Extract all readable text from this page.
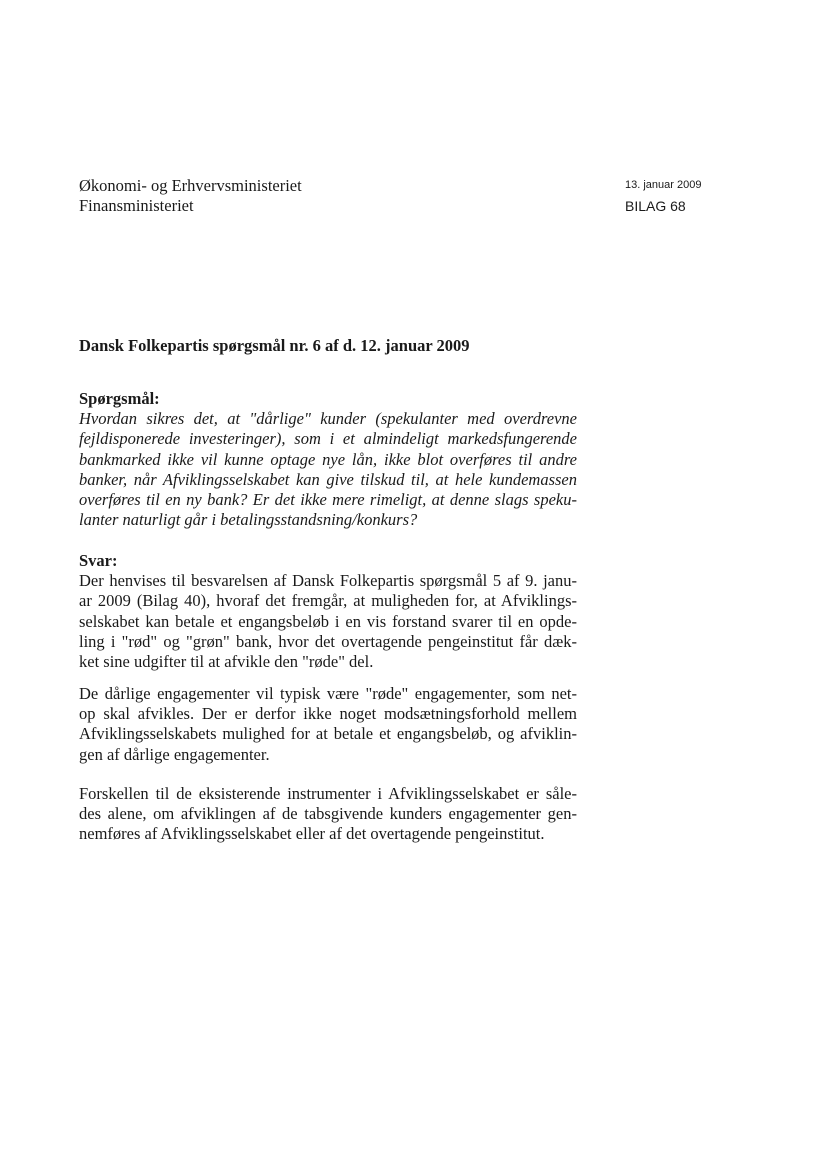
Økonomi- og Erhvervsministeriet
Finansministeriet
13. januar 2009
BILAG 68
Dansk Folkepartis spørgsmål nr. 6 af d. 12. januar 2009
Spørgsmål:
Hvordan sikres det, at "dårlige" kunder (spekulanter med overdrevne
fejldisponerede investeringer), som i et almindeligt markedsfungerende
bankmarked ikke vil kunne optage nye lån, ikke blot overføres til andre
banker, når Afviklingsselskabet kan give tilskud til, at hele kundemassen
overføres til en ny bank? Er det ikke mere rimeligt, at denne slags speku-
lanter naturligt går i betalingsstandsning/konkurs?
Svar:
Der henvises til besvarelsen af Dansk Folkepartis spørgsmål 5 af 9. janu-
ar 2009 (Bilag 40), hvoraf det fremgår, at muligheden for, at Afviklings-
selskabet kan betale et engangsbeløb i en vis forstand svarer til en opde-
ling i "rød" og "grøn" bank, hvor det overtagende pengeinstitut får dæk-
ket sine udgifter til at afvikle den "røde" del.
De dårlige engagementer vil typisk være "røde" engagementer, som net-
op skal afvikles. Der er derfor ikke noget modsætningsforhold mellem
Afviklingsselskabets mulighed for at betale et engangsbeløb, og afviklin-
gen af dårlige engagementer.
Forskellen til de eksisterende instrumenter i Afviklingsselskabet er såle-
des alene, om afviklingen af de tabsgivende kunders engagementer gen-
nemføres af Afviklingsselskabet eller af det overtagende pengeinstitut.
